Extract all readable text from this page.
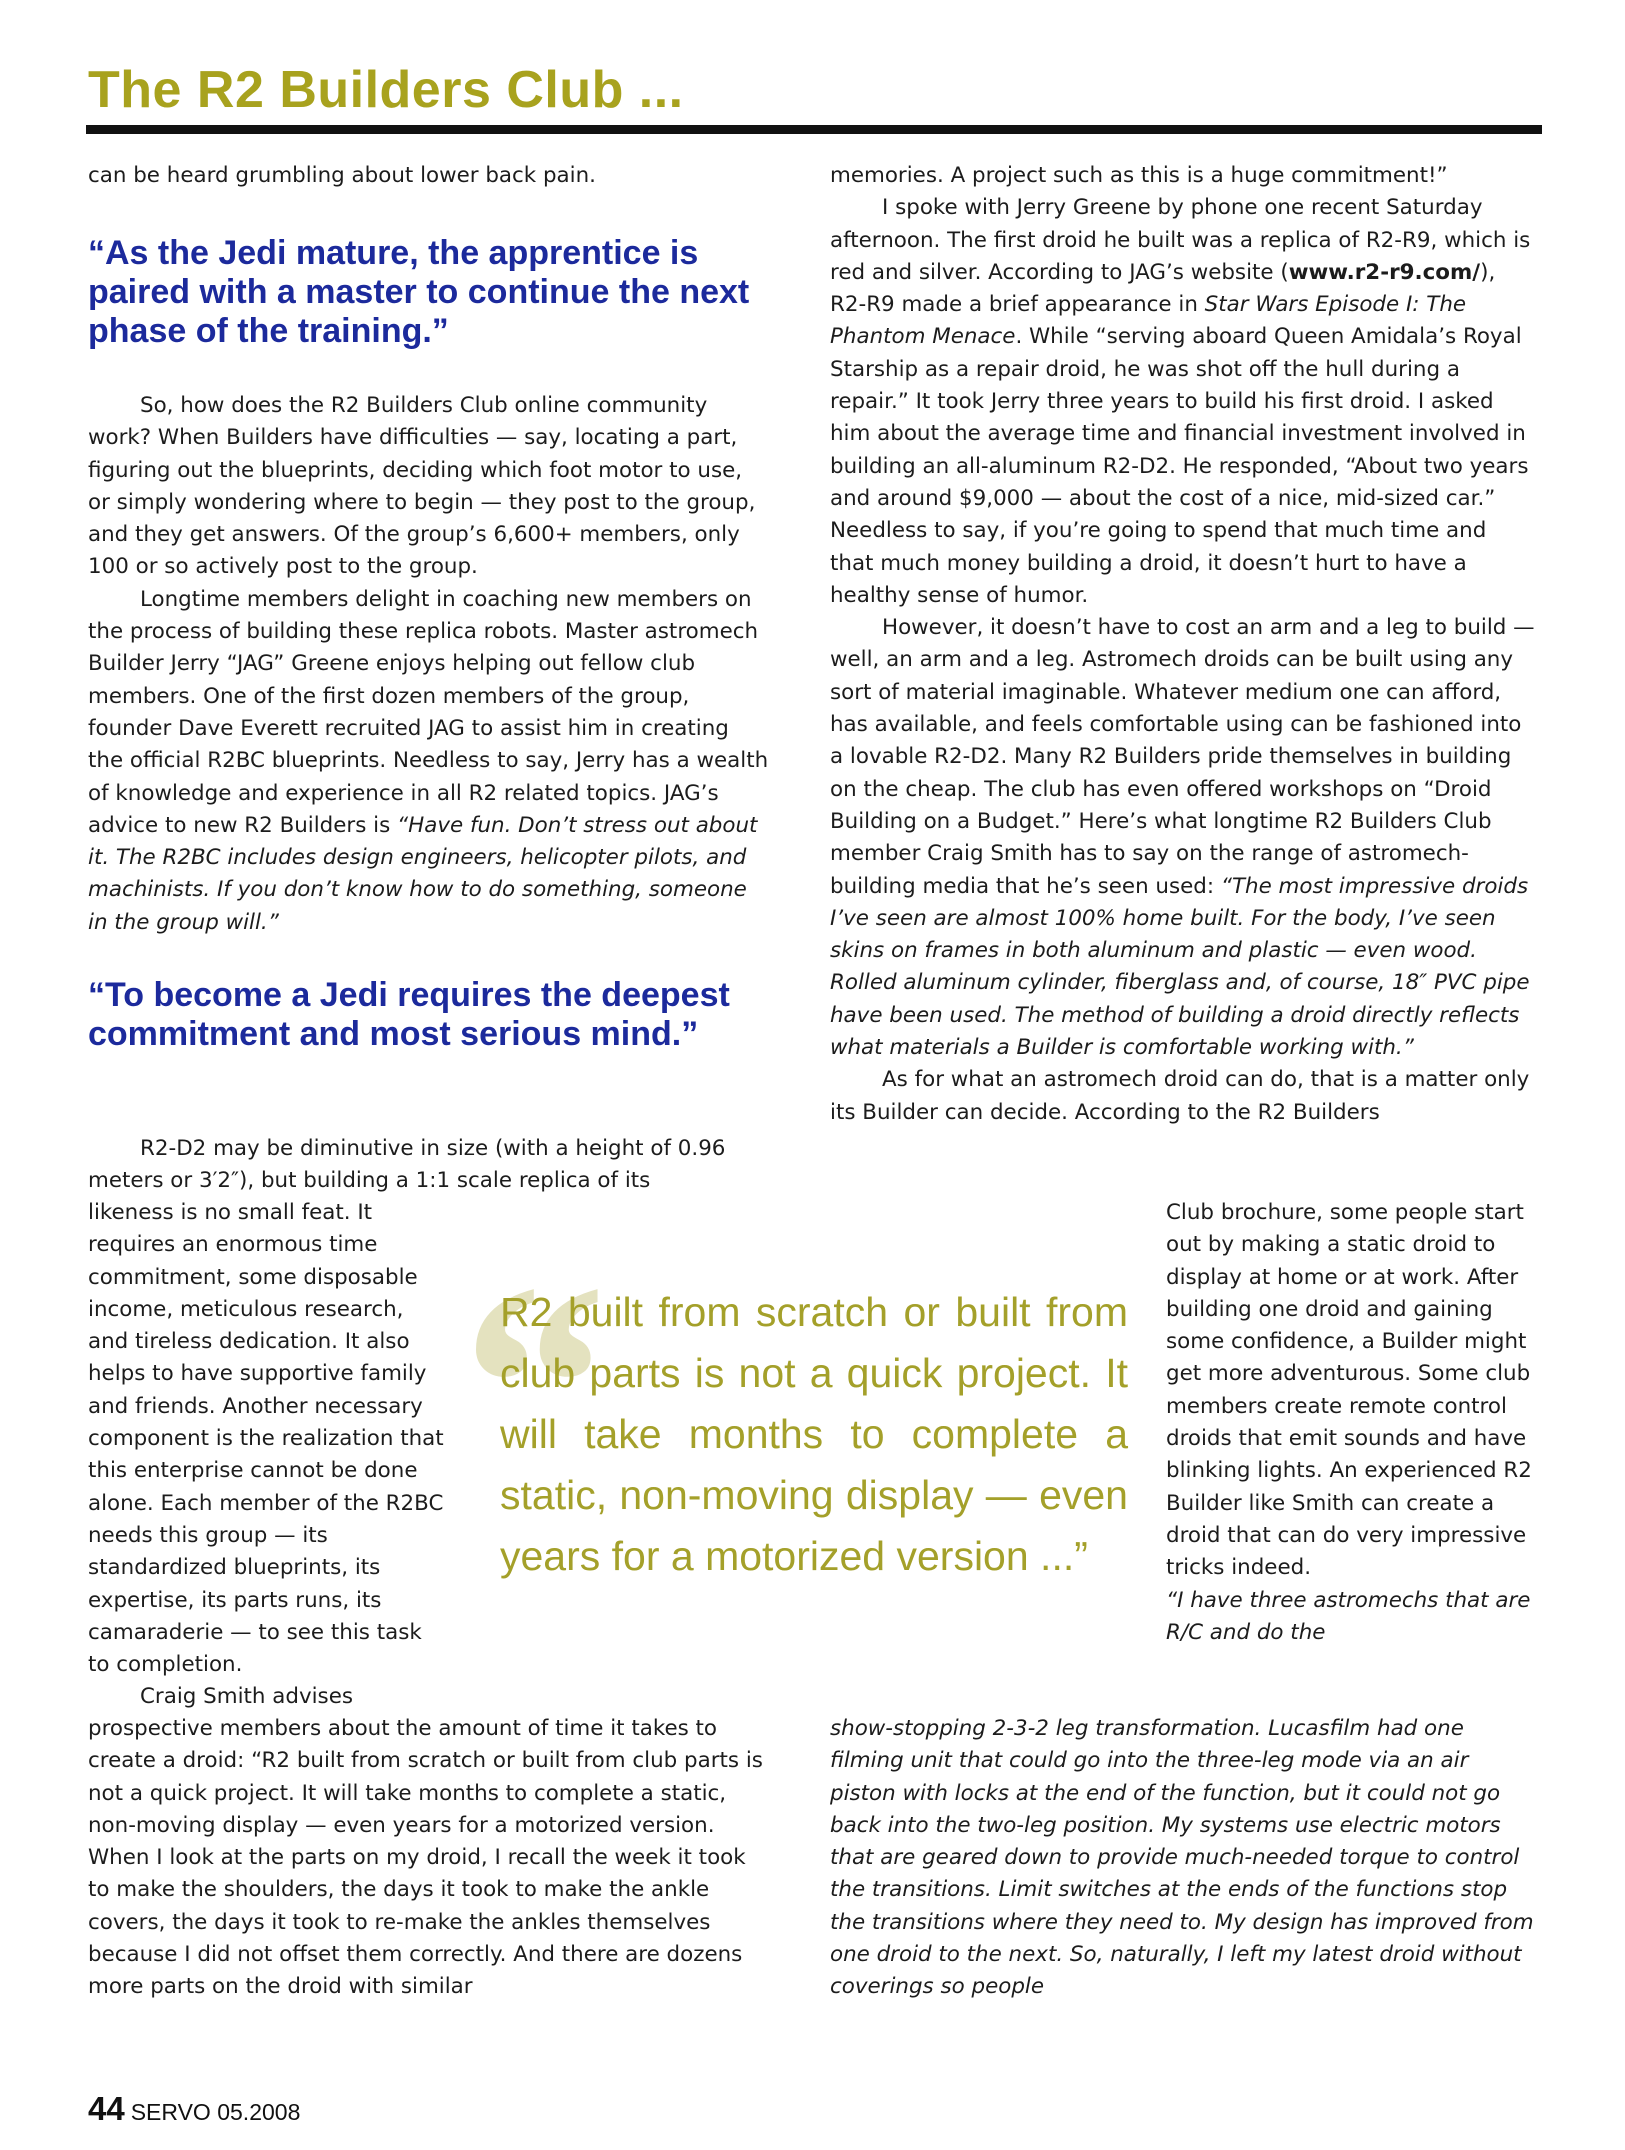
The R2 Builders Club ...

can be heard grumbling about lower back pain.

“As the Jedi mature, the apprentice is paired with a master to continue the next phase of the training.”

So, how does the R2 Builders Club online community work? When Builders have difficulties — say, locating a part, figuring out the blueprints, deciding which foot motor to use, or simply wondering where to begin — they post to the group, and they get answers. Of the group’s 6,600+ members, only 100 or so actively post to the group.

Longtime members delight in coaching new members on the process of building these replica robots. Master astromech Builder Jerry “JAG” Greene enjoys helping out fellow club members. One of the first dozen members of the group, founder Dave Everett recruited JAG to assist him in creating the official R2BC blueprints. Needless to say, Jerry has a wealth of knowledge and experience in all R2 related topics. JAG’s advice to new R2 Builders is “Have fun. Don’t stress out about it. The R2BC includes design engineers, helicopter pilots, and machinists. If you don’t know how to do something, someone in the group will.”

“To become a Jedi requires the deepest commitment and most serious mind.”

R2-D2 may be diminutive in size (with a height of 0.96 meters or 3′2″), but building a 1:1 scale replica of its

likeness is no small feat. It requires an enormous time commitment, some disposable income, meticulous research, and tireless dedication. It also helps to have supportive family and friends. Another necessary component is the realization that this enterprise cannot be done alone. Each member of the R2BC needs this group — its standardized blueprints, its expertise, its parts runs, its camaraderie — to see this task to completion.

Craig Smith advises

prospective members about the amount of time it takes to create a droid: “R2 built from scratch or built from club parts is not a quick project. It will take months to complete a static, non-moving display — even years for a motorized version. When I look at the parts on my droid, I recall the week it took to make the shoulders, the days it took to make the ankle covers, the days it took to re-make the ankles themselves because I did not offset them correctly. And there are dozens more parts on the droid with similar

memories. A project such as this is a huge commitment!”

I spoke with Jerry Greene by phone one recent Saturday afternoon. The first droid he built was a replica of R2-R9, which is red and silver. According to JAG’s website (www.r2-r9.com/), R2-R9 made a brief appearance in Star Wars Episode I: The Phantom Menace. While “serving aboard Queen Amidala’s Royal Starship as a repair droid, he was shot off the hull during a repair.” It took Jerry three years to build his first droid. I asked him about the average time and financial investment involved in building an all-aluminum R2-D2. He responded, “About two years and around $9,000 — about the cost of a nice, mid-sized car.” Needless to say, if you’re going to spend that much time and that much money building a droid, it doesn’t hurt to have a healthy sense of humor.

However, it doesn’t have to cost an arm and a leg to build — well, an arm and a leg. Astromech droids can be built using any sort of material imaginable. Whatever medium one can afford, has available, and feels comfortable using can be fashioned into a lovable R2-D2. Many R2 Builders pride themselves in building on the cheap. The club has even offered workshops on “Droid Building on a Budget.” Here’s what longtime R2 Builders Club member Craig Smith has to say on the range of astromech-building media that he’s seen used: “The most impressive droids I’ve seen are almost 100% home built. For the body, I’ve seen skins on frames in both aluminum and plastic — even wood. Rolled aluminum cylinder, fiberglass and, of course, 18″ PVC pipe have been used. The method of building a droid directly reflects what materials a Builder is comfortable working with.”

As for what an astromech droid can do, that is a matter only its Builder can decide. According to the R2 Builders

Club brochure, some people start out by making a static droid to display at home or at work. After building one droid and gaining some confidence, a Builder might get more adventurous. Some club members create remote control droids that emit sounds and have blinking lights. An experienced R2 Builder like Smith can create a droid that can do very impressive tricks indeed.

“I have three astromechs that are R/C and do the

show-stopping 2-3-2 leg transformation. Lucasfilm had one filming unit that could go into the three-leg mode via an air piston with locks at the end of the function, but it could not go back into the two-leg position. My systems use electric motors that are geared down to provide much-needed torque to control the transitions. Limit switches at the ends of the functions stop the transitions where they need to. My design has improved from one droid to the next. So, naturally, I left my latest droid without coverings so people

“

R2 built from scratch or built from club parts is not a quick project. It will take months to complete a static, non-moving display — even years for a motorized version ...”

44 SERVO 05.2008
